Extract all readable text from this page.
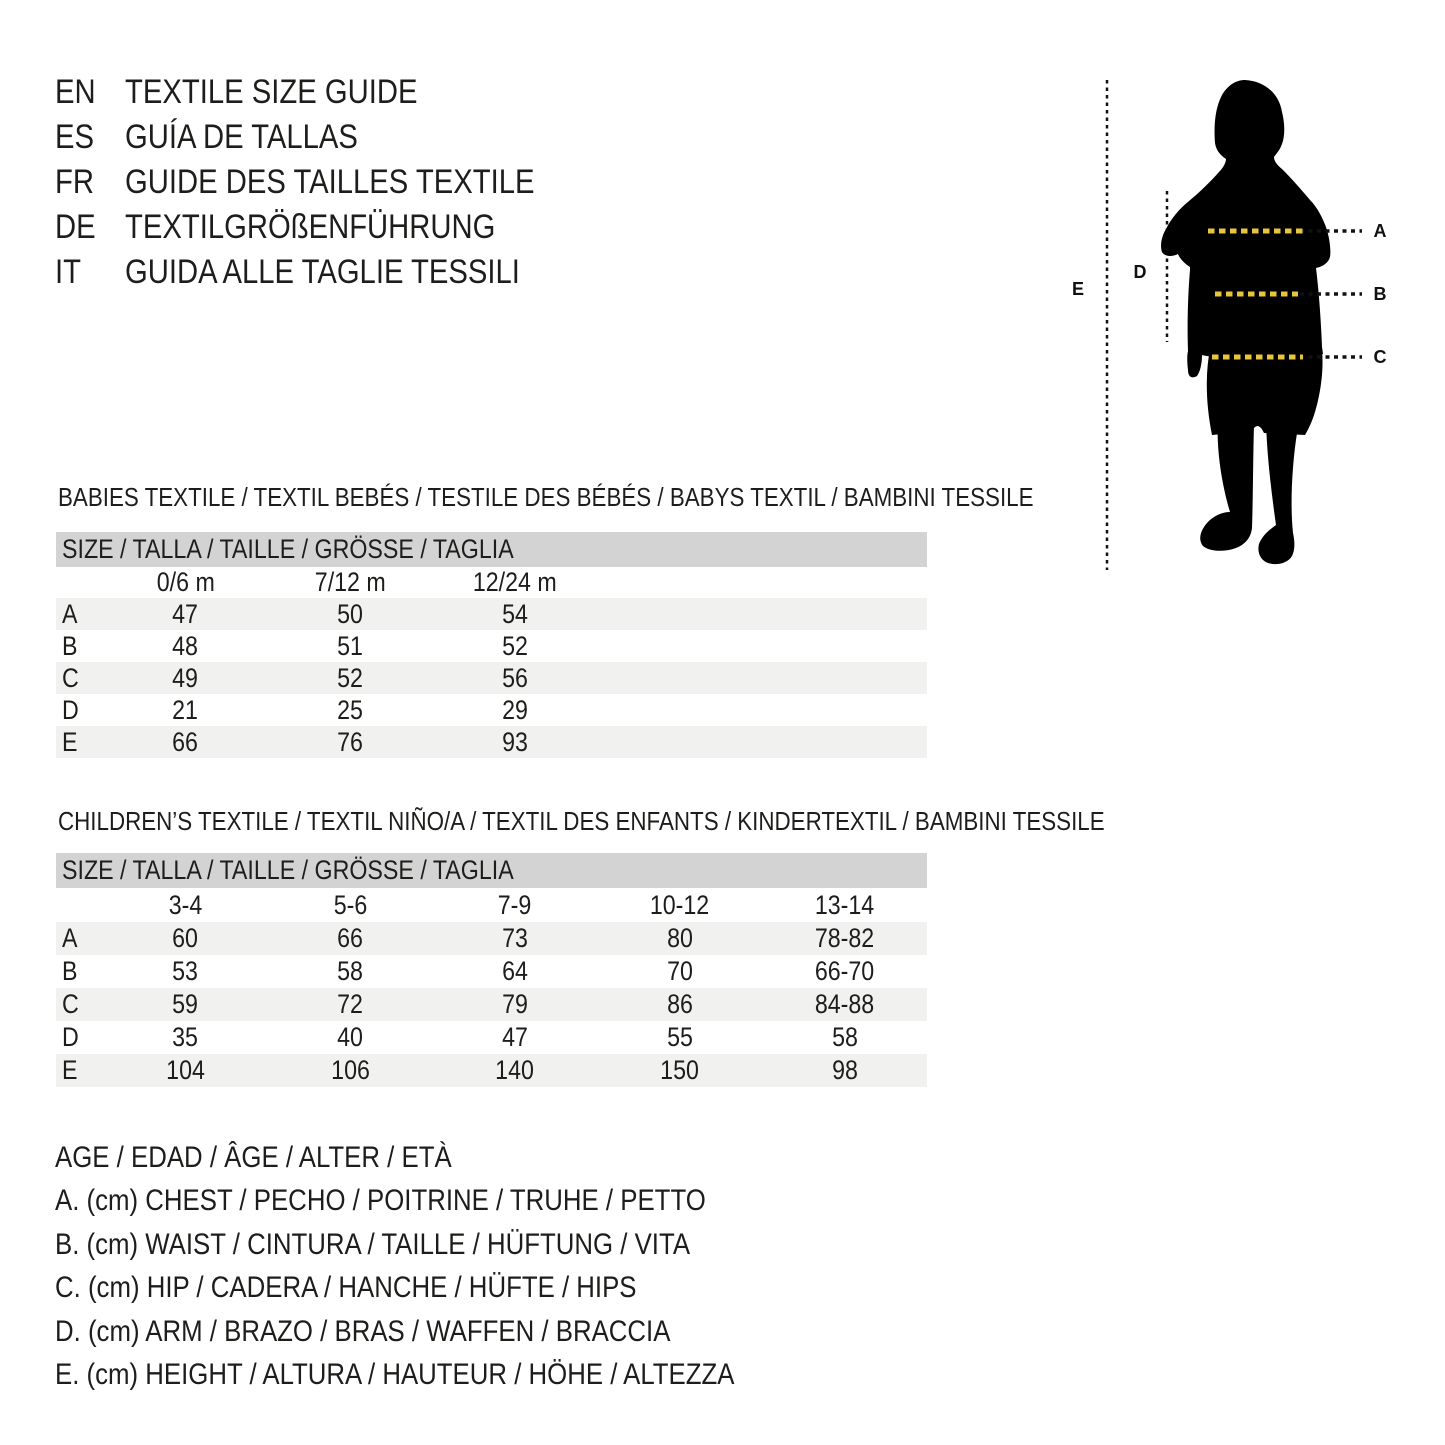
EN TEXTILE SIZE GUIDE
ES GUÍA DE TALLAS
FR GUIDE DES TAILLES TEXTILE
DE TEXTILGRÖßENFÜHRUNG
IT	GUIDA ALLE TAGLIE TESSILI
A
B
C
D
E
BABIES TEXTILE / TEXTIL BEBÉS / TESTILE DES BÉBÉS / BABYS TEXTIL / BAMBINI TESSILE
SIZE / TALLA / TAILLE / GRÖSSE / TAGLIA
0/6 m	7/12 m	12/24 m
A	47	50	54
B	48	51	52
C	49	52	56
D	21	25	29
E	66	76	93
CHILDREN’S TEXTILE / TEXTIL NIÑO/A / TEXTIL DES ENFANTS / KINDERTEXTIL / BAMBINI TESSILE
SIZE / TALLA / TAILLE / GRÖSSE / TAGLIA
3-4	5-6	7-9	10-12	13-14
A	60	66	73	80	78-82
B	53	58	64	70	66-70
C	59	72	79	86	84-88
D	35	40	47	55	58
E	104	106	140	150	98
AGE / EDAD / ÂGE / ALTER / ETÀ
A. (cm) CHEST / PECHO / POITRINE / TRUHE / PETTO
B. (cm) WAIST / CINTURA / TAILLE / HÜFTUNG / VITA
C. (cm) HIP / CADERA / HANCHE / HÜFTE / HIPS
D. (cm) ARM / BRAZO / BRAS / WAFFEN / BRACCIA
E. (cm) HEIGHT / ALTURA / HAUTEUR / HÖHE / ALTEZZA
